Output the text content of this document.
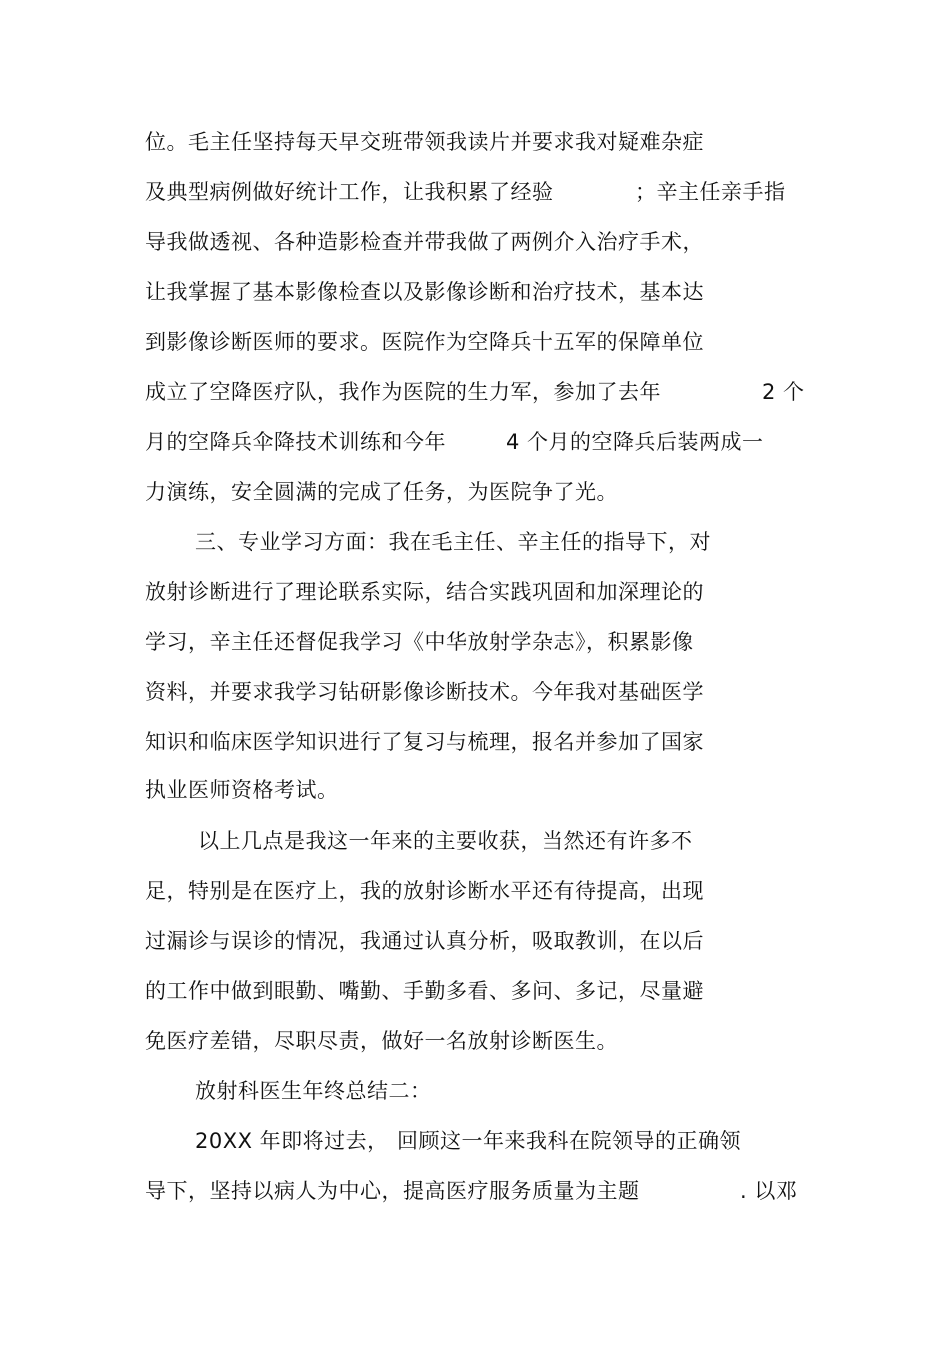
位。毛主任坚持每天早交班带领我读片并要求我对疑难杂症
及典型病例做好统计工作，让我积累了经验	；辛主任亲手指
导我做透视、各种造影检查并带我做了两例介入治疗手术，
让我掌握了基本影像检查以及影像诊断和治疗技术，基本达
到影像诊断医师的要求。医院作为空降兵十五军的保障单位
成立了空降医疗队，我作为医院的生力军，参加了去年	2 个
月的空降兵伞降技术训练和今年	4 个月的空降兵后装两成一
力演练，安全圆满的完成了任务，为医院争了光。
三、专业学习方面：我在毛主任、辛主任的指导下，对
放射诊断进行了理论联系实际，结合实践巩固和加深理论的
学习，辛主任还督促我学习《中华放射学杂志》，积累影像
资料，并要求我学习钻研影像诊断技术。今年我对基础医学
知识和临床医学知识进行了复习与梳理，报名并参加了国家
执业医师资格考试。
以上几点是我这一年来的主要收获，当然还有许多不
足，特别是在医疗上，我的放射诊断水平还有待提高，出现
过漏诊与误诊的情况，我通过认真分析，吸取教训，在以后
的工作中做到眼勤、嘴勤、手勤多看、多问、多记，尽量避
免医疗差错，尽职尽责，做好一名放射诊断医生。
放射科医生年终总结二：
20XX 年即将过去， 回顾这一年来我科在院领导的正确领
导下，坚持以病人为中心，提高医疗服务质量为主题	. 以邓
